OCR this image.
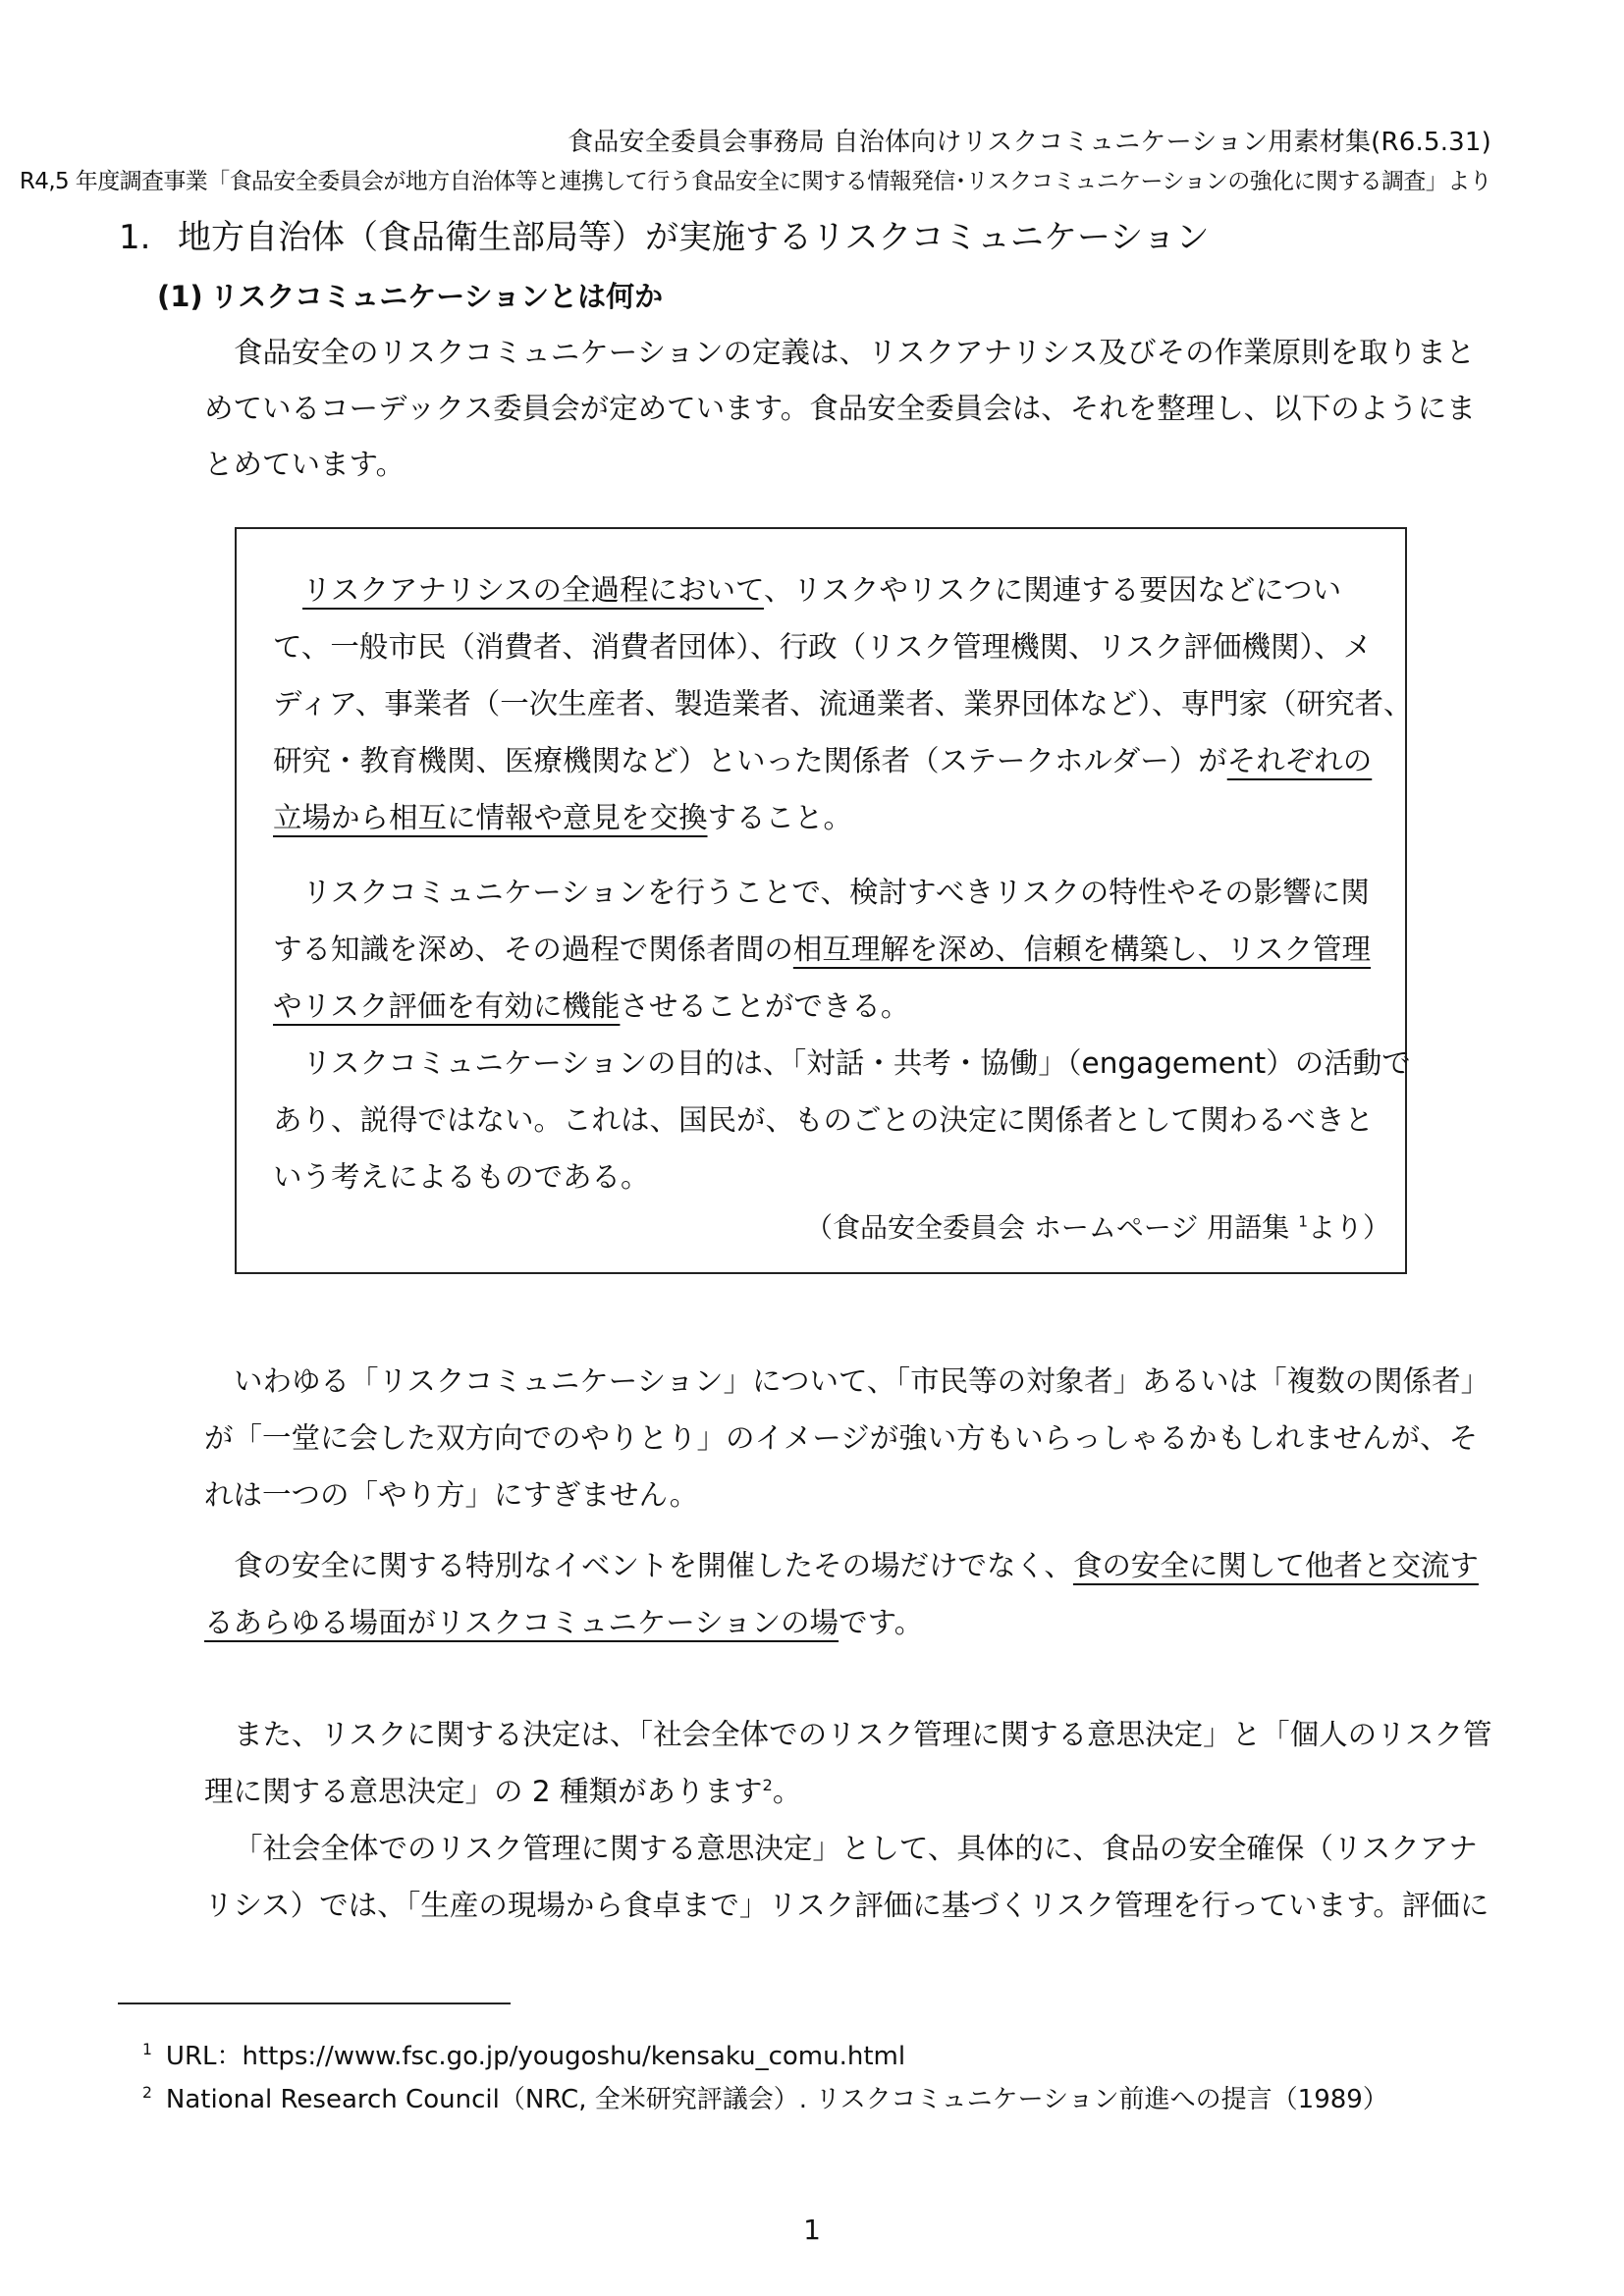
食品安全委員会事務局 自治体向けリスクコミュニケーション用素材集(R6.5.31)
R4,5 年度調査事業「食品安全委員会が地方自治体等と連携して行う食品安全に関する情報発信･リスクコミュニケーションの強化に関する調査」より
1. 地方自治体（食品衛生部局等）が実施するリスクコミュニケーション
(1) リスクコミュニケーションとは何か
食品安全のリスクコミュニケーションの定義は、リスクアナリシス及びその作業原則を取りまと
めているコーデックス委員会が定めています。食品安全委員会は、それを整理し、以下のようにま
とめています。
リスクアナリシスの全過程において、リスクやリスクに関連する要因などについ
て、一般市民（消費者、消費者団体）、行政（リスク管理機関、リスク評価機関）、メ
ディア、事業者（一次生産者、製造業者、流通業者、業界団体など）、専門家（研究者、
研究・教育機関、医療機関など）といった関係者（ステークホルダー）がそれぞれの
立場から相互に情報や意見を交換すること。
リスクコミュニケーションを行うことで、検討すべきリスクの特性やその影響に関
する知識を深め、その過程で関係者間の相互理解を深め、信頼を構築し、リスク管理
やリスク評価を有効に機能させることができる。
リスクコミュニケーションの目的は、「対話・共考・協働」（engagement）の活動で
あり、説得ではない。これは、国民が、ものごとの決定に関係者として関わるべきと
いう考えによるものである。
（食品安全委員会 ホームページ 用語集 $^1$より）
いわゆる「リスクコミュニケーション」について、「市民等の対象者」あるいは「複数の関係者」
が「一堂に会した双方向でのやりとり」のイメージが強い方もいらっしゃるかもしれませんが、そ
れは一つの「やり方」にすぎません。
食の安全に関する特別なイベントを開催したその場だけでなく、食の安全に関して他者と交流す
るあらゆる場面がリスクコミュニケーションの場です。
また、リスクに関する決定は、「社会全体でのリスク管理に関する意思決定」と「個人のリスク管
理に関する意思決定」の 2 種類があります$^2$。
「社会全体でのリスク管理に関する意思決定」として、具体的に、食品の安全確保（リスクアナ
リシス）では、「生産の現場から食卓まで」リスク評価に基づくリスク管理を行っています。評価に
$^1$ URL：https://www.fsc.go.jp/yougoshu/kensaku_comu.html
$^2$ National Research Council（NRC, 全米研究評議会）. リスクコミュニケーション前進への提言（1989）
1
